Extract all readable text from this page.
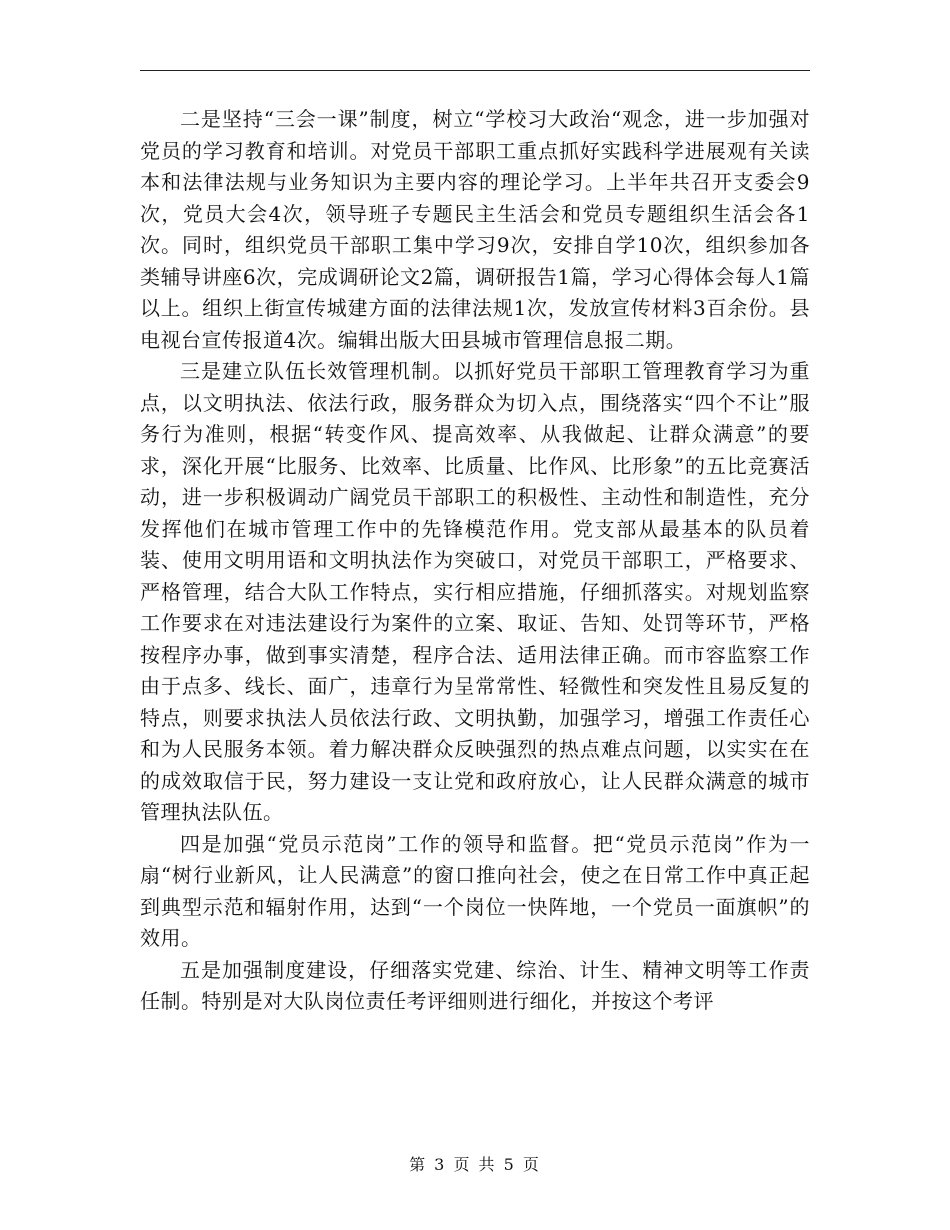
二是坚持“三会一课”制度，树立“学校习大政治“观念，进一步加强对党员的学习教育和培训。对党员干部职工重点抓好实践科学进展观有关读本和法律法规与业务知识为主要内容的理论学习。上半年共召开支委会9次，党员大会4次，领导班子专题民主生活会和党员专题组织生活会各1次。同时，组织党员干部职工集中学习9次，安排自学10次，组织参加各类辅导讲座6次，完成调研论文2篇，调研报告1篇，学习心得体会每人1篇以上。组织上街宣传城建方面的法律法规1次，发放宣传材料3百余份。县电视台宣传报道4次。编辑出版大田县城市管理信息报二期。

三是建立队伍长效管理机制。以抓好党员干部职工管理教育学习为重点，以文明执法、依法行政，服务群众为切入点，围绕落实“四个不让”服务行为准则，根据“转变作风、提高效率、从我做起、让群众满意”的要求，深化开展“比服务、比效率、比质量、比作风、比形象”的五比竞赛活动，进一步积极调动广阔党员干部职工的积极性、主动性和制造性，充分发挥他们在城市管理工作中的先锋模范作用。党支部从最基本的队员着装、使用文明用语和文明执法作为突破口，对党员干部职工，严格要求、严格管理，结合大队工作特点，实行相应措施，仔细抓落实。对规划监察工作要求在对违法建设行为案件的立案、取证、告知、处罚等环节，严格按程序办事，做到事实清楚，程序合法、适用法律正确。而市容监察工作由于点多、线长、面广，违章行为呈常常性、轻微性和突发性且易反复的特点，则要求执法人员依法行政、文明执勤，加强学习，增强工作责任心和为人民服务本领。着力解决群众反映强烈的热点难点问题，以实实在在的成效取信于民，努力建设一支让党和政府放心，让人民群众满意的城市管理执法队伍。

四是加强“党员示范岗”工作的领导和监督。把“党员示范岗”作为一扇“树行业新风，让人民满意”的窗口推向社会，使之在日常工作中真正起到典型示范和辐射作用，达到“一个岗位一快阵地，一个党员一面旗帜”的效用。

五是加强制度建设，仔细落实党建、综治、计生、精神文明等工作责任制。特别是对大队岗位责任考评细则进行细化，并按这个考评

第 3 页 共 5 页
